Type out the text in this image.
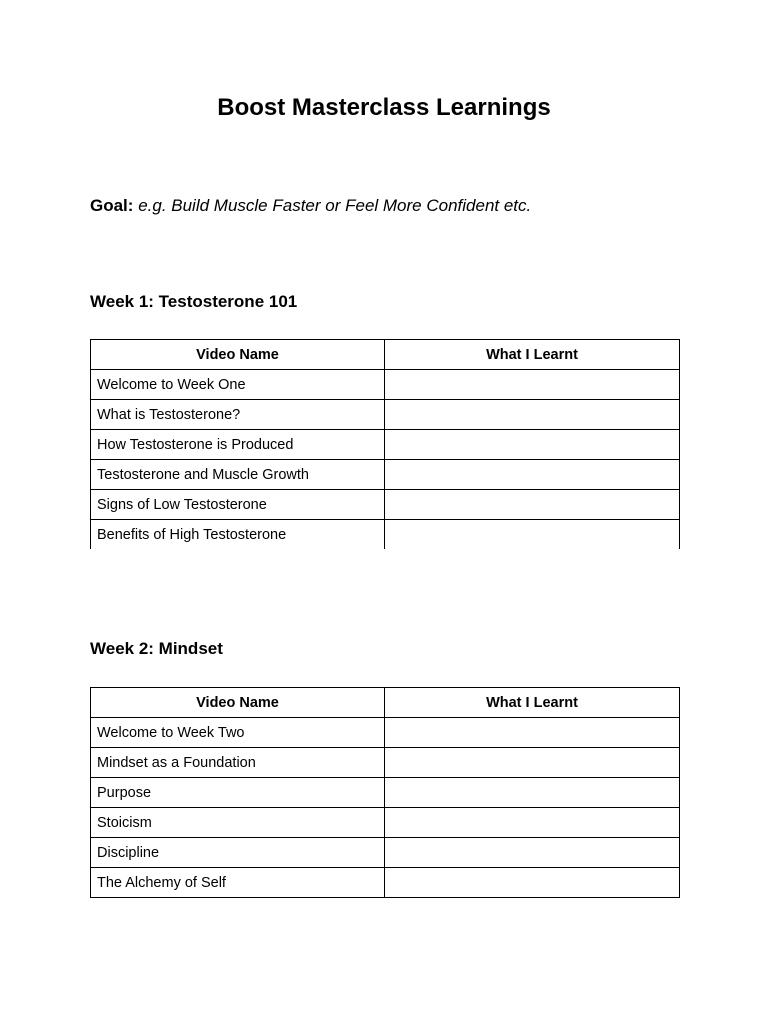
Boost Masterclass Learnings
Goal: e.g. Build Muscle Faster or Feel More Confident etc.
Week 1: Testosterone 101
Video Name	What I Learnt
Welcome to Week One	
What is Testosterone?	
How Testosterone is Produced	
Testosterone and Muscle Growth	
Signs of Low Testosterone	
Benefits of High Testosterone	
Week 2: Mindset
Video Name	What I Learnt
Welcome to Week Two	
Mindset as a Foundation	
Purpose	
Stoicism	
Discipline	
The Alchemy of Self	
